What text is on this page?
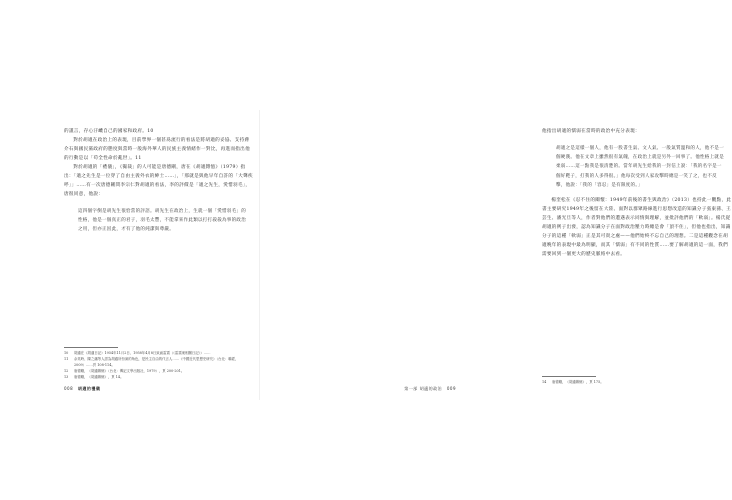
的謹言，存心汙衊自己的國家和政府。10

對於胡適在政治上的表現，目前學界一個甚爲流行的看法是將胡適的妥協、支持蔣介石與國民黨政府的態度與當時一般海外華人的民族主義情緒作一對比，再進而指出他的行動是以「苟全性命於亂世」。11

對於胡適的「禮儀」，《獨裁」的人可能是唐德剛，唐在《胡適雜憶》（1979）指出：「適之先生是一位穿了自由主義外衣的紳士……」，「那就是與他早年自許的「大聲疾呼」」……有一次唐德剛問李宗仁對胡適的看法，李的評價是「適之先生，愛惜羽毛」，唐很同意，他說：

這四個字倒是胡先生很恰當的評語。胡先生在政治上，生就一個「愛惜羽毛」的性格，他是一個真正的君子，羽毛太豐，不能拿來作此類以打打殺殺為事的政治之用，但亦正因此，才有了他的純潔與尊嚴。
10	胡適在《胡適日記》1954年11月2日、1958年4月8日致函雷震（《雷震案相關日記》）……
11	余英時、陳之藩等人認為胡適所扮演的角色，是民主自由的代言人……《中國近代思想史研究》（台北：聯經，2009）……頁 108-114。
12	唐德剛，《胡適雜憶》（台北：傳記文學出版社，1979），頁 200-201。
13	唐德剛，《胡適雜憶》，頁 14。
008 胡適的禮儀

他指出胡適的懦弱在當時的政治中充分表現：

胡適之是這樣一個人，他有一股書生氣、文人氣、一般氣質溫和的人，他不是一個硬漢。他在文章上雖然很有氣魄，在政治上就是另外一回事了。他性格上就是柔弱……這一點我是很清楚的。當年胡先生給我的一封信上說：「我的名字是一個好靶子，打我的人多得很。」他每次受到人家攻擊時總是一笑了之，也不反擊，他說：「我的「容忍」是有限度的。」

楊奎松在《忍不住的關懷：1949年前後的書生與政治》（2013）也持此一觀點，此書主要研究1949年之後留在大陸、面對以群眾路線進行思想改造的知識分子張東蓀、王芸生、潘光旦等人，作者對他們的遭遇表示同情與理解，並批評他們的「軟弱」。楊氏從胡適的例子出發，認為知識分子在面對政治壓力時總是會「頂不住」，但他也指出，知識分子的這種「軟弱」正是其可貴之處——他們始終不忘自己的理想。二是這種觀念在胡適晚年的表現中最為明顯，而其「懦弱」有不同的性質……要了解胡適的這一面，我們需要回到一個更大的歷史脈絡中去看。

14	唐德剛，《胡適雜憶》，頁 175。
第一部 胡適的政治 009
